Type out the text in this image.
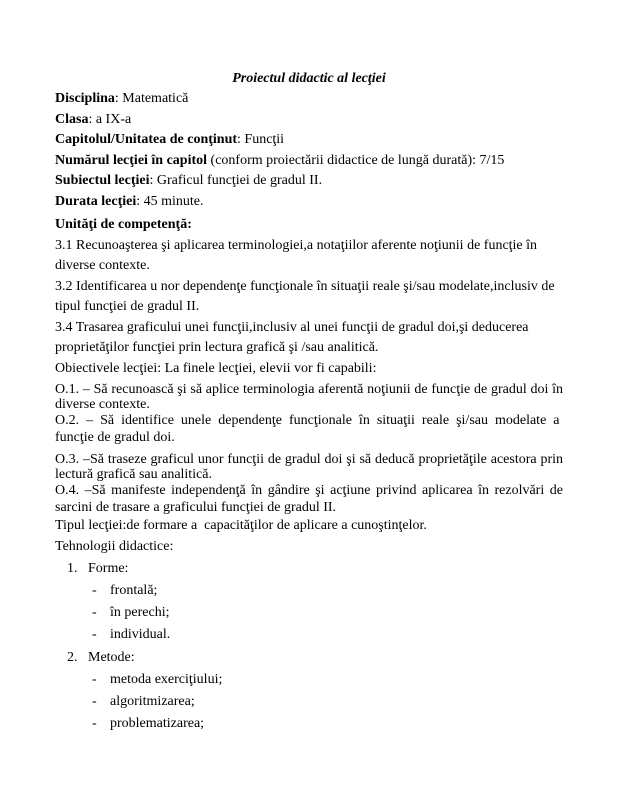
Proiectul didactic al lecţiei

Disciplina: Matematică

Clasa: a IX-a

Capitolul/Unitatea de conţinut: Funcţii

Numărul lecţiei în capitol (conform proiectării didactice de lungă durată): 7/15

Subiectul lecţiei: Graficul funcţiei de gradul II.

Durata lecţiei: 45 minute.

Unităţi de competenţă:

3.1 Recunoaşterea şi aplicarea terminologiei,a notaţiilor aferente noţiunii de funcţie în diverse contexte.

3.2 Identificarea u nor dependenţe funcţionale în situaţii reale şi/sau modelate,inclusiv de tipul funcţiei de gradul II.

3.4 Trasarea graficului unei funcţii,inclusiv al unei funcţii de gradul doi,şi deducerea proprietăţilor funcţiei prin lectura grafică şi /sau analitică.

Obiectivele lecţiei: La finele lecţiei, elevii vor fi capabili:

O.1. – Să recunoască şi să aplice terminologia aferentă noţiunii de funcţie de gradul doi în diverse contexte.

O.2. – Să identifice unele dependenţe funcţionale în situaţii reale şi/sau modelate a  funcţie de gradul doi.

O.3. –Să traseze graficul unor funcţii de gradul doi şi să deducă proprietăţile acestora prin lectură grafică sau analitică.

O.4. –Să manifeste independenţă în gândire şi acţiune privind aplicarea în rezolvări de sarcini de trasare a graficului funcţiei de gradul II.

Tipul lecţiei:de formare a  capacităţilor de aplicare a cunoştinţelor.

Tehnologii didactice:

1. Forme:
- frontală;
- în perechi;
- individual.
2. Metode:
- metoda exerciţiului;
- algoritmizarea;
- problematizarea;
